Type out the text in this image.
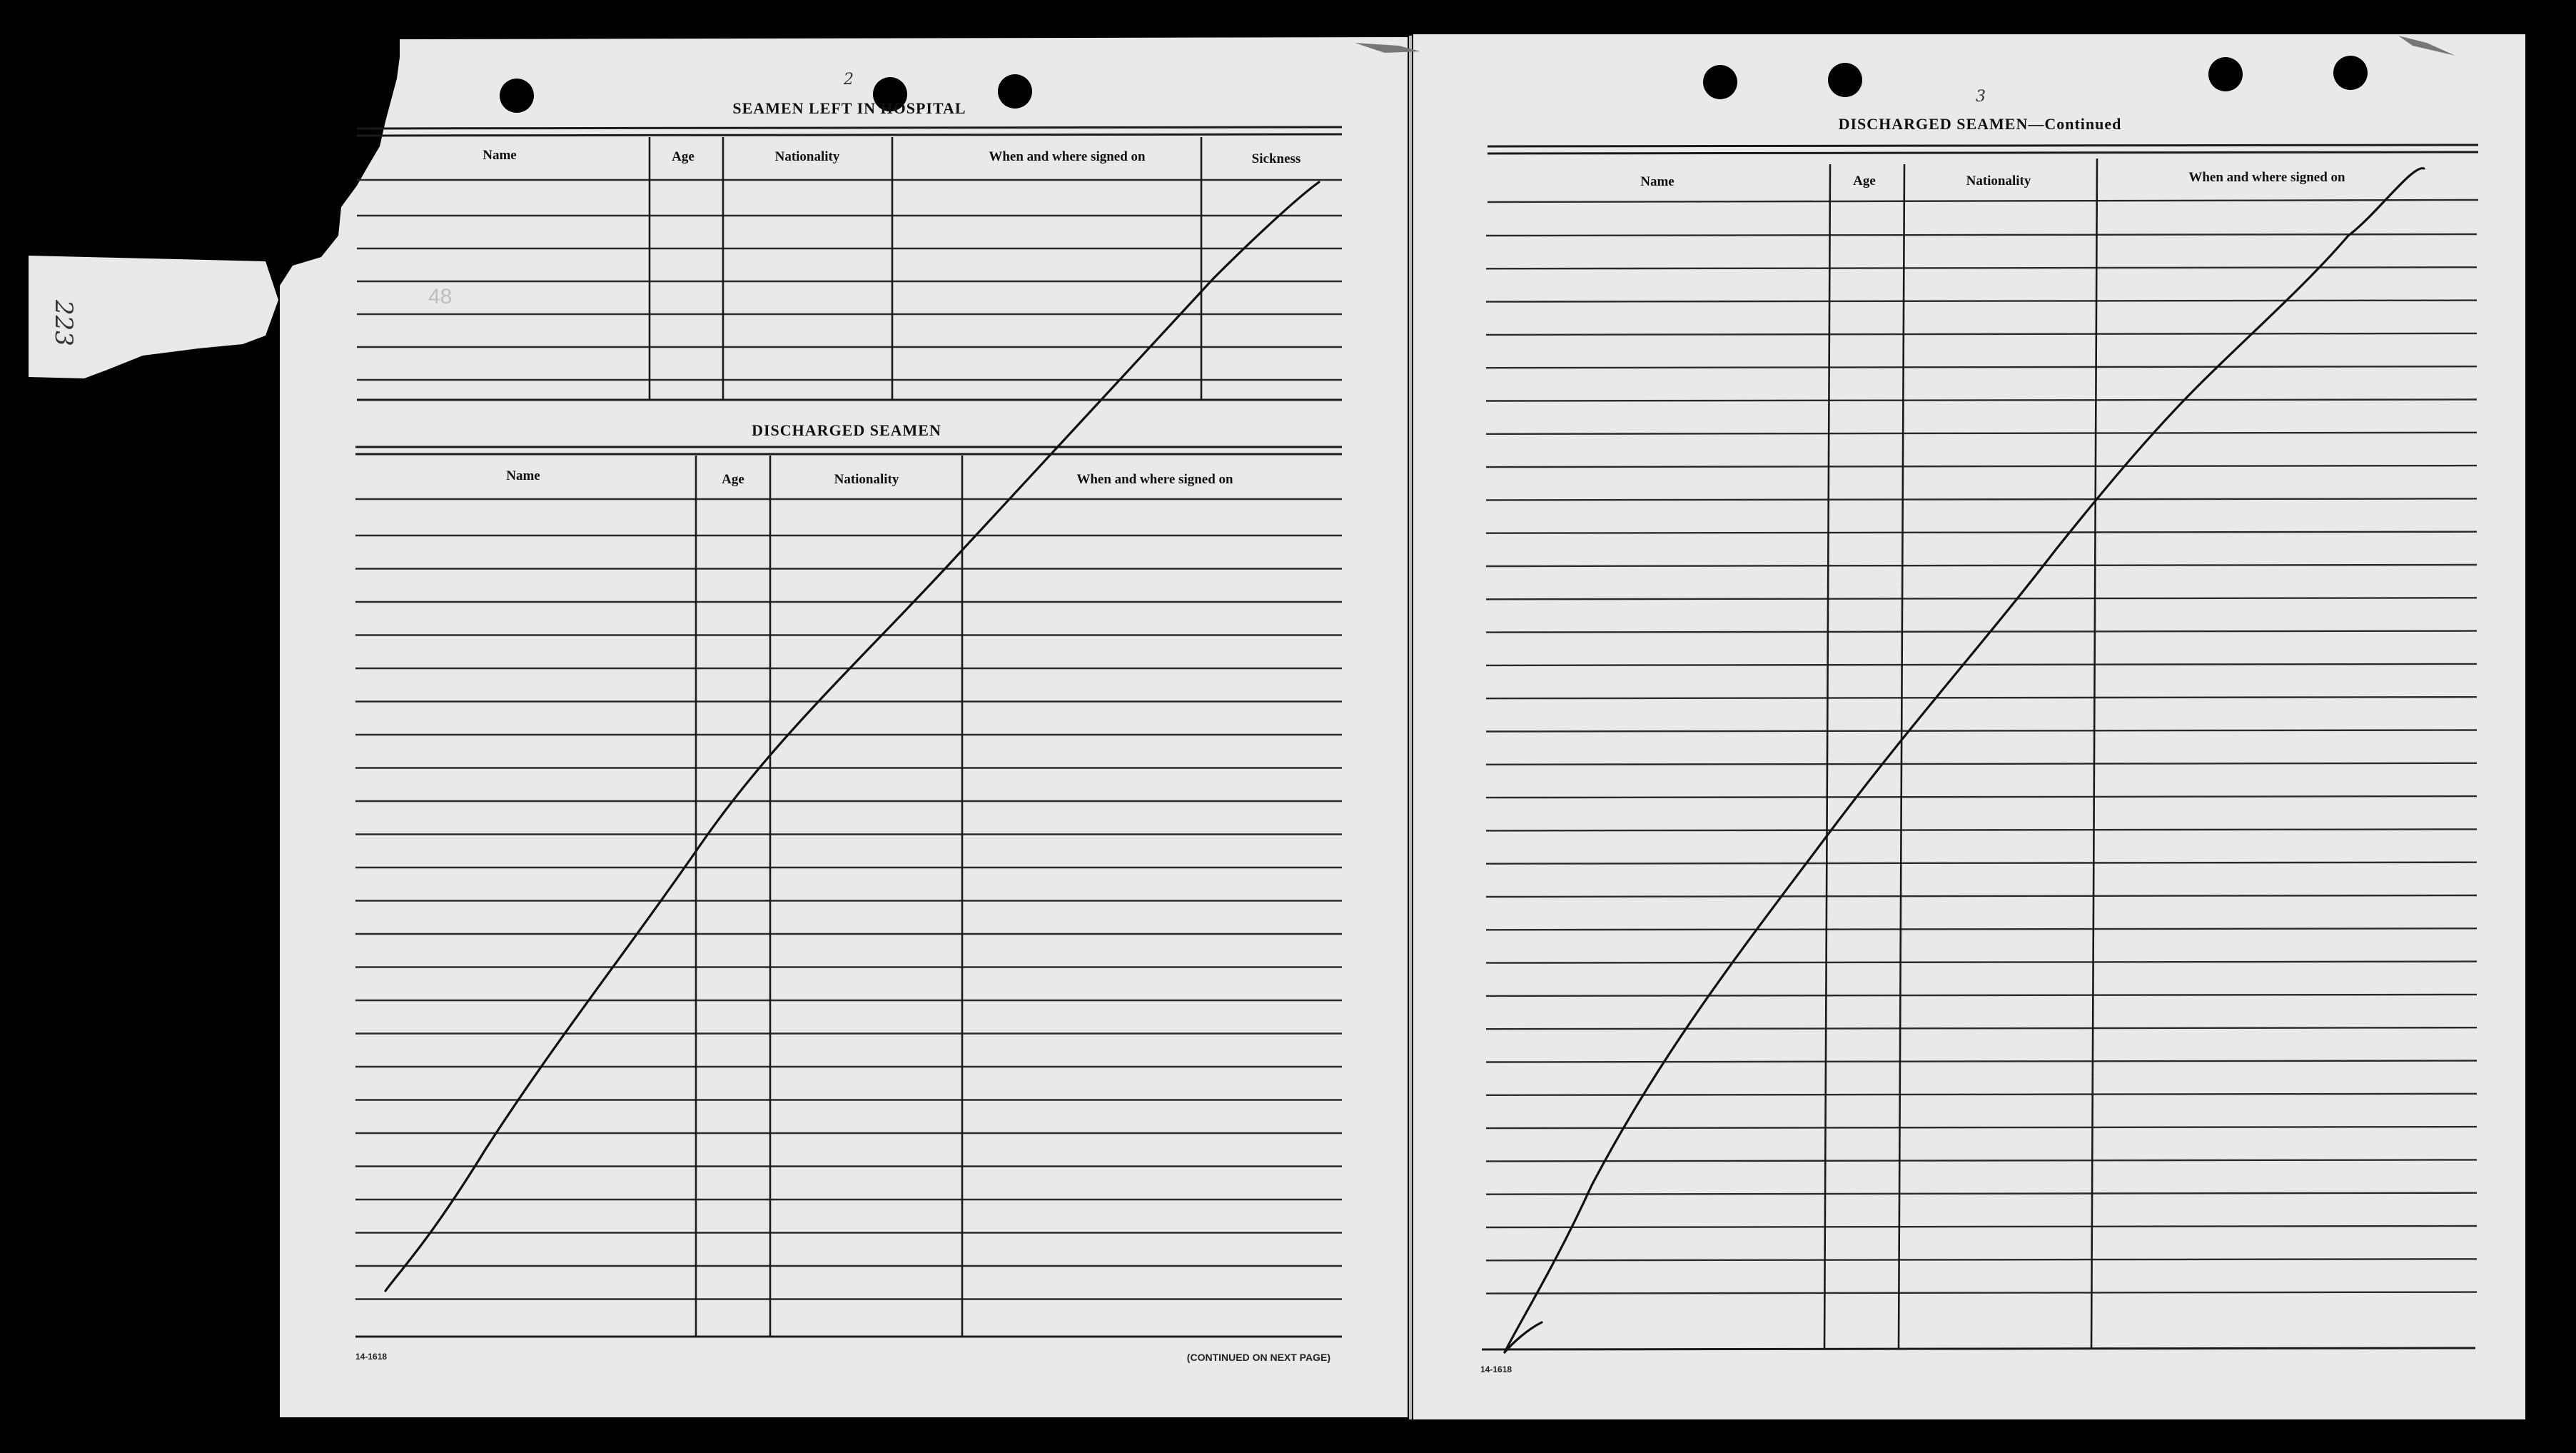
223
2
SEAMEN LEFT IN HOSPITAL
Name	Age	Nationality	When and where signed on	Sickness
48
DISCHARGED SEAMEN
Name	Age	Nationality	When and where signed on
14-1618	(CONTINUED ON NEXT PAGE)
3
DISCHARGED SEAMEN—Continued
Name	Age	Nationality	When and where signed on
14-1618
